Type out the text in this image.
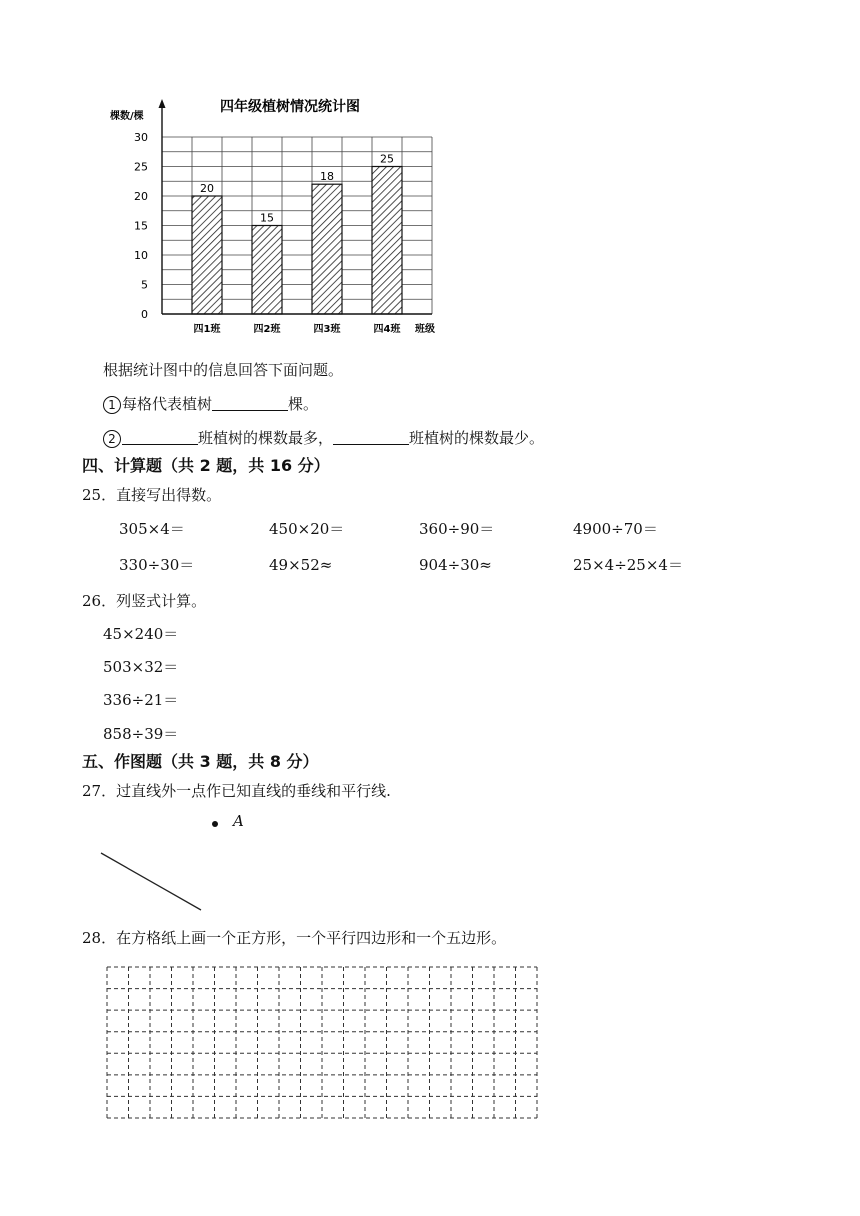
四年级植树情况统计图
棵数/棵
班级
0
5
10
15
20
25
30
20
四1班
15
四2班
18
四3班
25
四4班
根据统计图中的信息回答下面问题。
1 每格代表植树	棵。
2	班植树的棵数最多，	班植树的棵数最少。
四、计算题（共 2 题，共 16 分）
25．直接写出得数。
305×4＝	450×20＝	360÷90＝	4900÷70＝
330÷30＝	49×52≈	904÷30≈	25×4÷25×4＝
26．列竖式计算。
45×240＝
503×32＝
336÷21＝
858÷39＝
五、作图题（共 3 题，共 8 分）
27．过直线外一点作已知直线的垂线和平行线.
A
28．在方格纸上画一个正方形，一个平行四边形和一个五边形。
